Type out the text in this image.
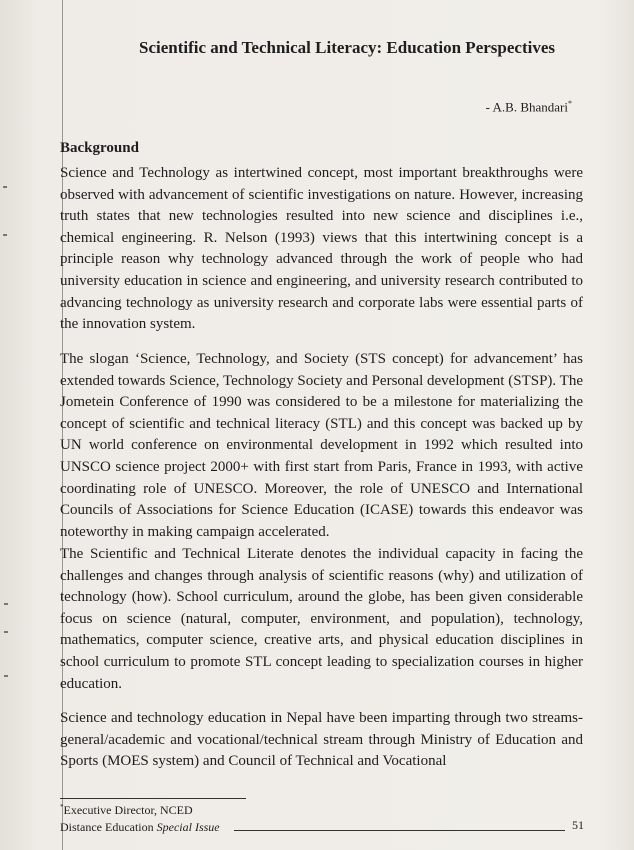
Scientific and Technical Literacy: Education Perspectives
- A.B. Bhandari*
Background

Science and Technology as intertwined concept, most important breakthroughs were observed with advancement of scientific investigations on nature. However, increasing truth states that new technologies resulted into new science and disciplines i.e., chemical engineering. R. Nelson (1993) views that this intertwining concept is a principle reason why technology advanced through the work of people who had university education in science and engineering, and university research contributed to advancing technology as university research and corporate labs were essential parts of the innovation system.

The slogan ‘Science, Technology, and Society (STS concept) for advancement’ has extended towards Science, Technology Society and Personal development (STSP). The Jometein Conference of 1990 was considered to be a milestone for materializing the concept of scientific and technical literacy (STL) and this concept was backed up by UN world conference on environmental development in 1992 which resulted into UNSCO science project 2000+ with first start from Paris, France in 1993, with active coordinating role of UNESCO. Moreover, the role of UNESCO and International Councils of Associations for Science Education (ICASE) towards this endeavor was noteworthy in making campaign accelerated.

The Scientific and Technical Literate denotes the individual capacity in facing the challenges and changes through analysis of scientific reasons (why) and utilization of technology (how). School curriculum, around the globe, has been given considerable focus on science (natural, computer, environment, and population), technology, mathematics, computer science, creative arts, and physical education disciplines in school curriculum to promote STL concept leading to specialization courses in higher education.

Science and technology education in Nepal have been imparting through two streams- general/academic and vocational/technical stream through Ministry of Education and Sports (MOES system) and Council of Technical and Vocational

*Executive Director, NCED
Distance Education Special Issue	51
